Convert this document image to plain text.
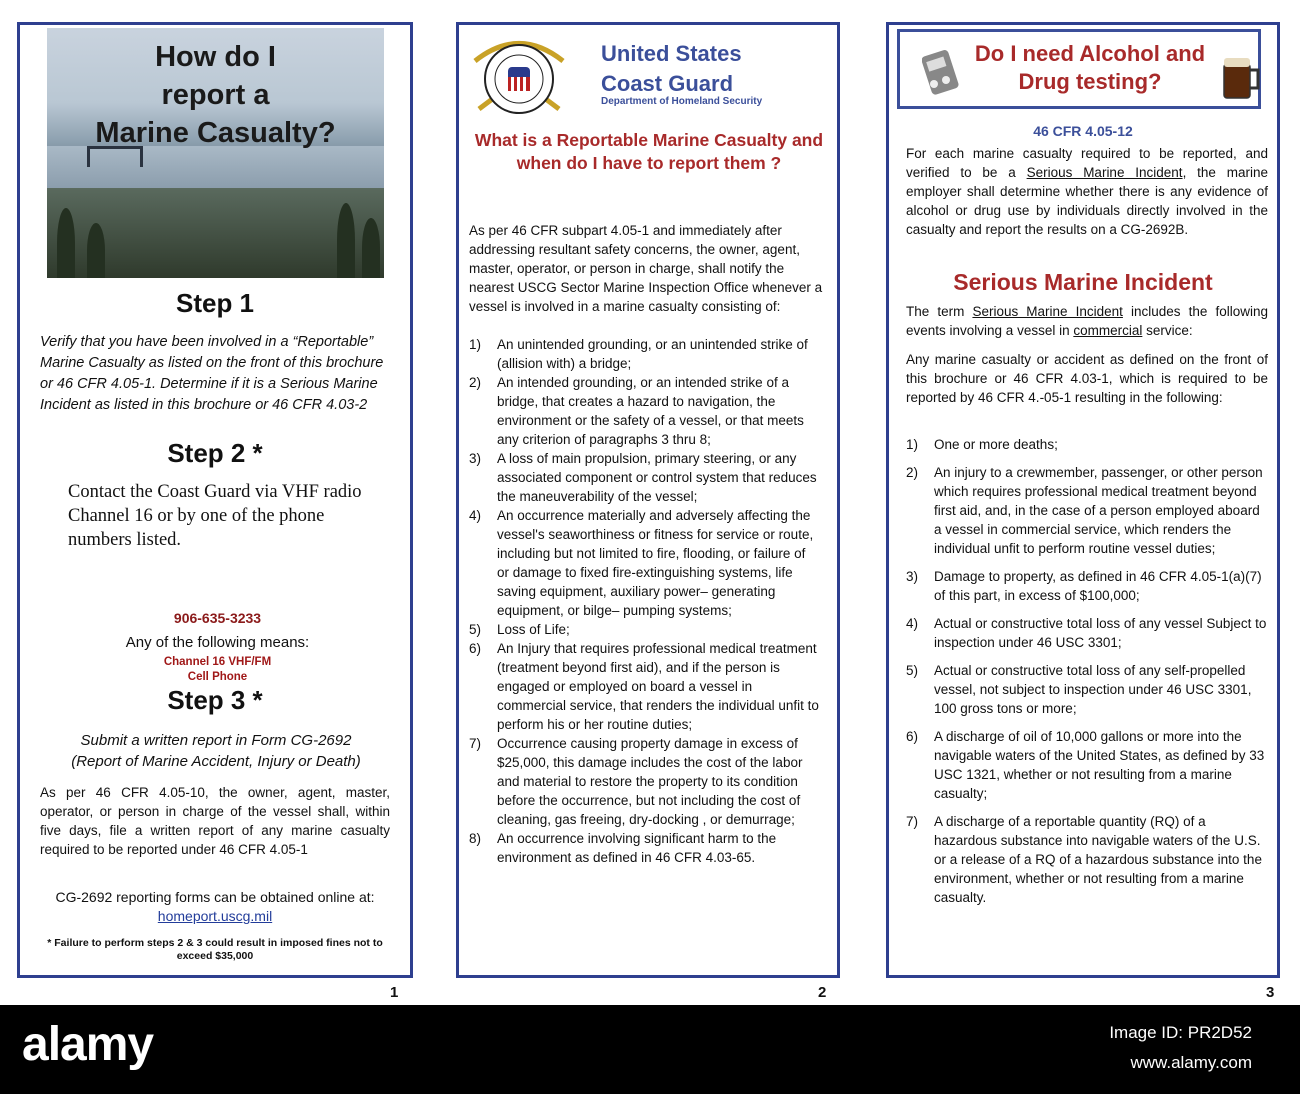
How do I
report a
Marine Casualty?
Step 1
Verify that you have been involved in a “Reportable” Marine Casualty as listed on the front of this brochure or 46 CFR 4.05-1. Determine if it is a Serious Marine Incident as listed in this brochure or 46 CFR 4.03-2
Step 2 *
Contact the Coast Guard via VHF radio Channel 16 or by one of the phone numbers listed.
906-635-3233
Any of the following means:
Channel 16 VHF/FM
Cell Phone
Step 3 *
Submit a written report in Form CG-2692
(Report of Marine Accident, Injury or Death)
As per 46 CFR 4.05-10, the owner, agent, master, operator, or person in charge of the vessel shall, within five days, file a written report of any marine casualty required to be reported under 46 CFR 4.05-1
CG-2692 reporting forms can be obtained online at:
homeport.uscg.mil
* Failure to perform steps 2 & 3 could result in imposed fines not to exceed $35,000
1
United States
Coast Guard
Department of Homeland Security
What is a Reportable Marine Casualty and when do I have to report them ?
As per 46 CFR subpart 4.05-1 and immediately after addressing resultant safety concerns, the owner, agent, master, operator, or person in charge, shall notify the nearest USCG Sector Marine Inspection Office whenever a vessel is involved in a marine casualty consisting of:
1) An unintended grounding, or an unintended strike of (allision with) a bridge;
2) An intended grounding, or an intended strike of a bridge, that creates a hazard to navigation, the environment or the safety of a vessel, or that meets any criterion of paragraphs 3 thru 8;
3) A loss of main propulsion, primary steering, or any associated component or control system that reduces the maneuverability of the vessel;
4) An occurrence materially and adversely affecting the vessel's seaworthiness or fitness for service or route, including but not limited to fire, flooding, or failure of or damage to fixed fire-extinguishing systems, life saving equipment, auxiliary power– generating equipment, or bilge– pumping systems;
5) Loss of Life;
6) An Injury that requires professional medical treatment (treatment beyond first aid), and if the person is engaged or employed on board a vessel in commercial service, that renders the individual unfit to perform his or her routine duties;
7) Occurrence causing property damage in excess of $25,000, this damage includes the cost of the labor and material to restore the property to its condition before the occurrence, but not including the cost of cleaning, gas freeing, dry-docking , or demurrage;
8) An occurrence involving significant harm to the environment as defined in 46 CFR 4.03-65.
2
Do I need Alcohol and Drug testing?
46 CFR 4.05-12
For each marine casualty required to be reported, and verified to be a Serious Marine Incident, the marine employer shall determine whether there is any evidence of alcohol or drug use by individuals directly involved in the casualty and report the results on a CG-2692B.
Serious Marine Incident
The term Serious Marine Incident includes the following events involving a vessel in commercial service:
Any marine casualty or accident as defined on the front of this brochure or 46 CFR 4.03-1, which is required to be reported by 46 CFR 4.-05-1 resulting in the following:
1) One or more deaths;
2) An injury to a crewmember, passenger, or other person which requires professional medical treatment beyond first aid, and, in the case of a person employed aboard a vessel in commercial service, which renders the individual unfit to perform routine vessel duties;
3) Damage to property, as defined in 46 CFR 4.05-1(a)(7) of this part, in excess of $100,000;
4) Actual or constructive total loss of any vessel Subject to inspection under 46 USC 3301;
5) Actual or constructive total loss of any self-propelled vessel, not subject to inspection under 46 USC 3301, 100 gross tons or more;
6) A discharge of oil of 10,000 gallons or more into the navigable waters of the United States, as defined by 33 USC 1321, whether or not resulting from a marine casualty;
7) A discharge of a reportable quantity (RQ) of a hazardous substance into navigable waters of the U.S. or a release of a RQ of a hazardous substance into the environment, whether or not resulting from a marine casualty.
3
alamy	Image ID: PR2D52
www.alamy.com
